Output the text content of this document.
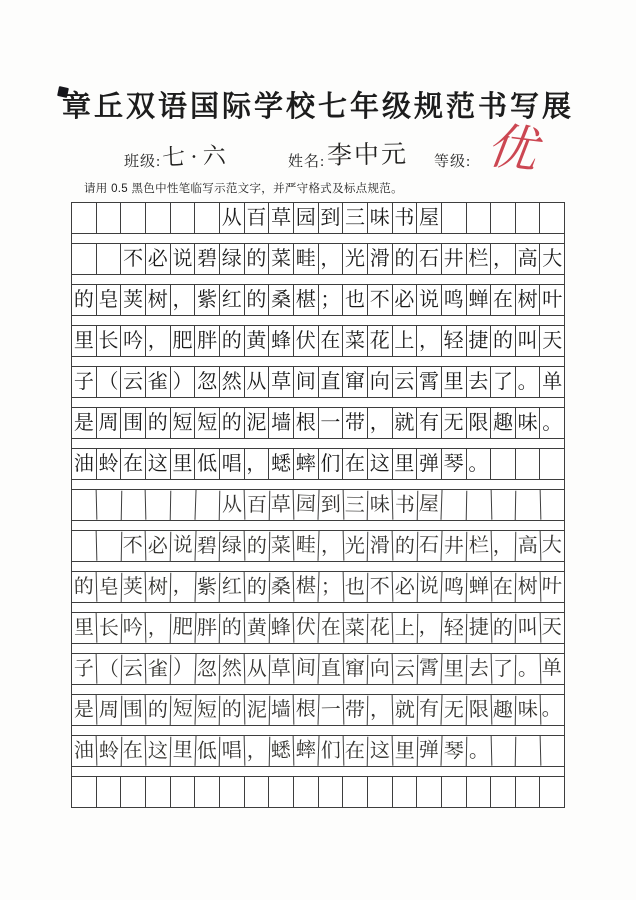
章丘双语国际学校七年级规范书写展
班级: 七·六	姓名: 李中元 等级: 优
请用 0.5 黑色中性笔临写示范文字，并严守格式及标点规范。
从 百 草 园 到 三 味 书 屋
不 必 说 碧 绿 的 菜 畦 ， 光 滑 的 石 井 栏 ， 高 大
的 皂 荚 树 ， 紫 红 的 桑 椹 ； 也 不 必 说 鸣 蝉 在 树 叶
里 长 吟 ， 肥 胖 的 黄 蜂 伏 在 菜 花 上 ， 轻 捷 的 叫 天
子 （ 云 雀 ） 忽 然 从 草 间 直 窜 向 云 霄 里 去 了 。 单
是 周 围 的 短 短 的 泥 墙 根 一 带 ， 就 有 无 限 趣 味 。
油 蛉 在 这 里 低 唱 ， 蟋 蟀 们 在 这 里 弹 琴 。
从 百 草 园 到 三 味 书 屋
不 必 说 碧 绿 的 菜 畦 ， 光 滑 的 石 井 栏 ， 高 大
的 皂 荚 树 ， 紫 红 的 桑 椹 ； 也 不 必 说 鸣 蝉 在 树 叶
里 长 吟 ， 肥 胖 的 黄 蜂 伏 在 菜 花 上 ， 轻 捷 的 叫 天
子 （ 云 雀 ） 忽 然 从 草 间 直 窜 向 云 霄 里 去 了 。 单
是 周 围 的 短 短 的 泥 墙 根 一 带 ， 就 有 无 限 趣 味 。
油 蛉 在 这 里 低 唱 ， 蟋 蟀 们 在 这 里 弹 琴 。
